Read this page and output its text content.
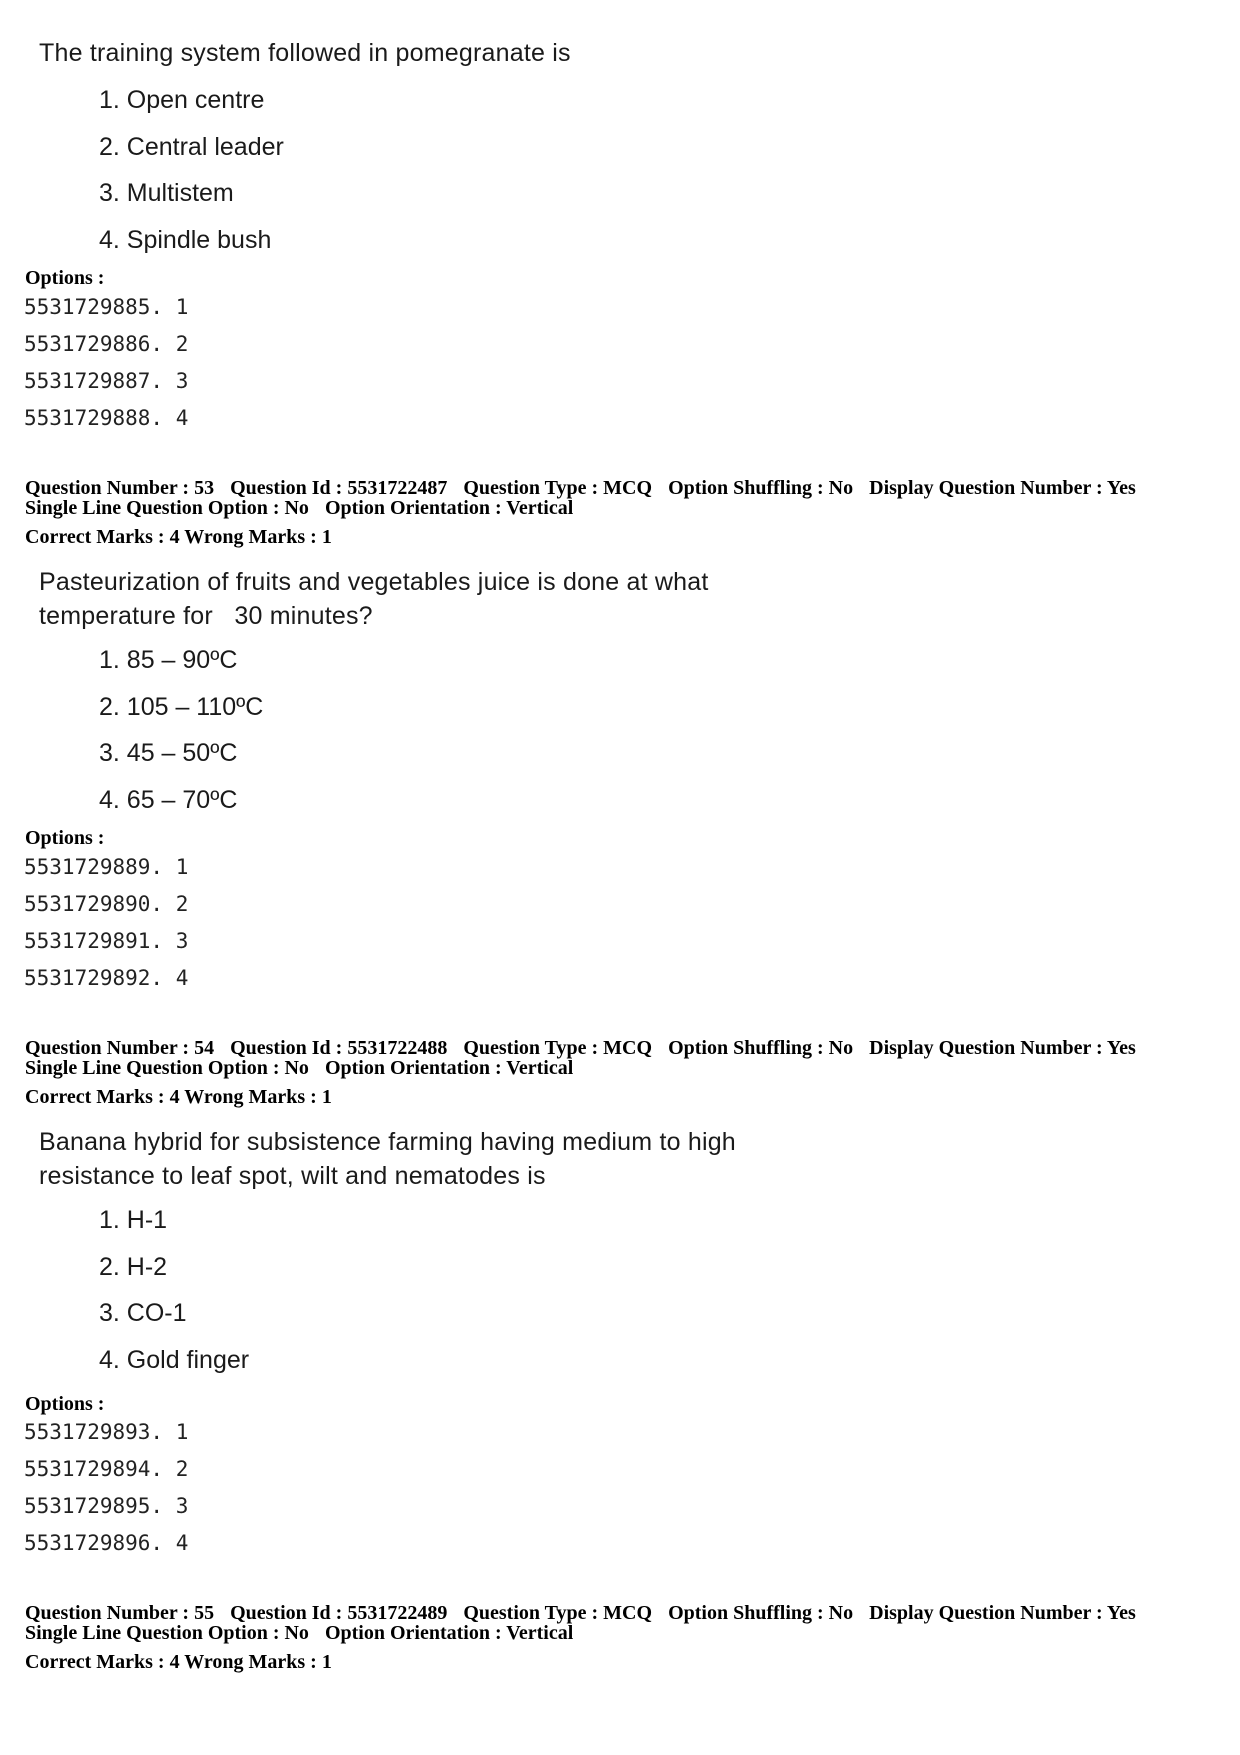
The training system followed in pomegranate is
1. Open centre
2. Central leader
3. Multistem
4. Spindle bush
Options :
5531729885. 1
5531729886. 2
5531729887. 3
5531729888. 4
Question Number : 53 Question Id : 5531722487 Question Type : MCQ Option Shuffling : No Display Question Number : Yes
Single Line Question Option : No Option Orientation : Vertical
Correct Marks : 4 Wrong Marks : 1
Pasteurization of fruits and vegetables juice is done at what
temperature for   30 minutes?
1. 85 – 90ºC
2. 105 – 110ºC
3. 45 – 50ºC
4. 65 – 70ºC
Options :
5531729889. 1
5531729890. 2
5531729891. 3
5531729892. 4
Question Number : 54 Question Id : 5531722488 Question Type : MCQ Option Shuffling : No Display Question Number : Yes
Single Line Question Option : No Option Orientation : Vertical
Correct Marks : 4 Wrong Marks : 1
Banana hybrid for subsistence farming having medium to high
resistance to leaf spot, wilt and nematodes is
1. H-1
2. H-2
3. CO-1
4. Gold finger
Options :
5531729893. 1
5531729894. 2
5531729895. 3
5531729896. 4
Question Number : 55 Question Id : 5531722489 Question Type : MCQ Option Shuffling : No Display Question Number : Yes
Single Line Question Option : No Option Orientation : Vertical
Correct Marks : 4 Wrong Marks : 1
